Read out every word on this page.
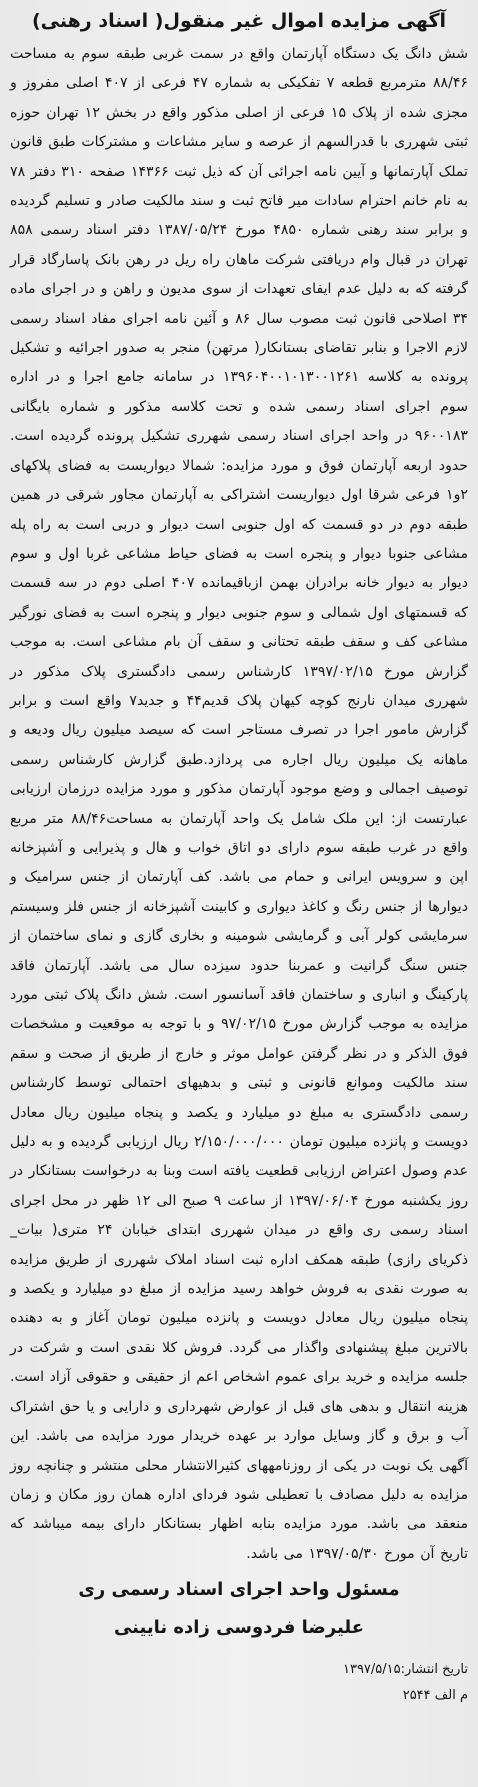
آگهی مزایده اموال غیر منقول( اسناد رهنی)
شش دانگ یک دستگاه آپارتمان واقع در سمت غربی طبقه سوم به مساحت ۸۸/۴۶ مترمربع قطعه ۷ تفکیکی به شماره ۴۷ فرعی از ۴۰۷ اصلی مفروز و مجزی شده از پلاک ۱۵ فرعی از اصلی مذکور واقع در بخش ۱۲ تهران حوزه ثبتی شهرری با قدرالسهم از عرصه و سایر مشاعات و مشترکات طبق قانون تملک آپارتمانها و آیین نامه اجرائی آن که ذیل ثبت ۱۴۳۶۶ صفحه ۳۱۰ دفتر ۷۸ به نام خانم احترام سادات میر فاتح ثبت و سند مالکیت صادر و تسلیم گردیده و برابر سند رهنی شماره ۴۸۵۰ مورخ ۱۳۸۷/۰۵/۲۴ دفتر اسناد رسمی ۸۵۸ تهران در قبال وام دریافتی شرکت ماهان راه ریل در رهن بانک پاسارگاد قرار گرفته که به دلیل عدم ایفای تعهدات از سوی مدیون و راهن و در اجرای ماده ۳۴ اصلاحی قانون ثبت مصوب سال ۸۶ و آئین نامه اجرای مفاد اسناد رسمی لازم الاجرا و بنابر تقاضای بستانکار( مرتهن) منجر به صدور اجرائیه و تشکیل پرونده به کلاسه ۱۳۹۶۰۴۰۰۱۰۱۳۰۰۱۲۶۱ در سامانه جامع اجرا و در اداره سوم اجرای اسناد رسمی شده و تحت کلاسه مذکور و شماره بایگانی ۹۶۰۰۱۸۳ در واحد اجرای اسناد رسمی شهرری تشکیل پرونده گردیده است. حدود اربعه آپارتمان فوق و مورد مزایده: شمالا دیواریست به فضای پلاکهای ۲و۱ فرعی شرقا اول دیواریست اشتراکی به آپارتمان مجاور شرقی در همین طبقه دوم در دو قسمت که اول جنوبی است دیوار و دربی است به راه پله مشاعی جنوبا دیوار و پنجره است به فضای حیاط مشاعی غربا اول و سوم دیوار به دیوار خانه برادران بهمن ازباقیمانده ۴۰۷ اصلی دوم در سه قسمت که قسمتهای اول شمالی و سوم جنوبی دیوار و پنجره است به فضای نورگیر مشاعی کف و سقف طبقه تحتانی و سقف آن بام مشاعی است. به موجب گزارش مورخ ۱۳۹۷/۰۲/۱۵ کارشناس رسمی دادگستری پلاک مذکور در شهرری میدان نارنج کوچه کیهان پلاک قدیم۴۴ و جدید۷ واقع است و برابر گزارش مامور اجرا در تصرف مستاجر است که سیصد میلیون ریال ودیعه و ماهانه یک میلیون ریال اجاره می پردازد.طبق گزارش کارشناس رسمی توصیف اجمالی و وضع موجود آپارتمان مذکور و مورد مزایده درزمان ارزیابی عبارتست از: این ملک شامل یک واحد آپارتمان به مساحت۸۸/۴۶ متر مربع واقع در غرب طبقه سوم دارای دو اتاق خواب و هال و پذیرایی و آشپزخانه اپن و سرویس ایرانی و حمام می باشد. کف آپارتمان از جنس سرامیک و دیوارها از جنس رنگ و کاغذ دیواری و کابینت آشپزخانه از جنس فلز وسیستم سرمایشی کولر آبی و گرمایشی شومینه و بخاری گازی و نمای ساختمان از جنس سنگ گرانیت و عمربنا حدود سیزده سال می باشد. آپارتمان فاقد پارکینگ و انباری و ساختمان فاقد آسانسور است. شش دانگ پلاک ثبتی مورد مزایده به موجب گزارش مورخ ۹۷/۰۲/۱۵ و با توجه به موقعیت و مشخصات فوق الذکر و در نظر گرفتن عوامل موثر و خارج از طریق از صحت و سقم سند مالکیت وموانع قانونی و ثبتی و بدهیهای احتمالی توسط کارشناس رسمی دادگستری به مبلغ دو میلیارد و یکصد و پنجاه میلیون ریال معادل دویست و پانزده میلیون تومان ۲/۱۵۰/۰۰۰/۰۰۰ ریال ارزیابی گردیده و به دلیل عدم وصول اعتراض ارزیابی قطعیت یافته است وبنا به درخواست بستانکار در روز یکشنبه مورخ ۱۳۹۷/۰۶/۰۴ از ساعت ۹ صبح الی ۱۲ ظهر در محل اجرای اسناد رسمی ری واقع در میدان شهرری ابتدای خیابان ۲۴ متری( بیات_ ذکریای رازی) طبقه همکف اداره ثبت اسناد املاک شهرری از طریق مزایده به صورت نقدی به فروش خواهد رسید مزایده از مبلغ دو میلیارد و یکصد و پنجاه میلیون ریال معادل دویست و پانزده میلیون تومان آغاز و به دهنده بالاترین مبلغ پیشنهادی واگذار می گردد. فروش کلا نقدی است و شرکت در جلسه مزایده و خرید برای عموم اشخاص اعم از حقیقی و حقوقی آزاد است. هزینه انتقال و بدهی های قبل از عوارض شهرداری و دارایی و یا حق اشتراک آب و برق و گاز وسایل موارد بر عهده خریدار مورد مزایده می باشد. این آگهی یک نوبت در یکی از روزنامههای کثیرالانتشار محلی منتشر و چنانچه روز مزایده به دلیل مصادف با تعطیلی شود فردای اداره همان روز مکان و زمان منعقد می باشد. مورد مزایده بنابه اظهار بستانکار دارای بیمه میباشد که تاریخ آن مورخ ۱۳۹۷/۰۵/۳۰ می باشد.
مسئول واحد اجرای اسناد رسمی ری
علیرضا فردوسی زاده نایینی
تاریخ انتشار:۱۳۹۷/۵/۱۵
م الف ۲۵۴۴
